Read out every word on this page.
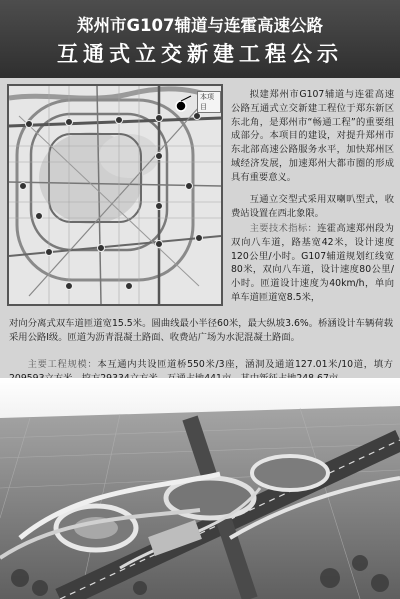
郑州市G107辅道与连霍高速公路
互通式立交新建工程公示
本项目
拟建郑州市G107辅道与连霍高速公路互通式立交新建工程位于郑东新区东北角，是郑州市“畅通工程”的重要组成部分。本项目的建设，对提升郑州市东北部高速公路服务水平，加快郑州区域经济发展，加速郑州大都市圈的形成具有重要意义。
互通立交型式采用双喇叭型式，收费站设置在西北象限。
主要技术指标：连霍高速郑州段为双向八车道，路基宽42米，设计速度120公里/小时。G107辅道规划红线宽80米，双向八车道，设计速度80公里/小时。匝道设计速度为40km/h，单向单车道匝道宽8.5米，
对向分离式双车道匝道宽15.5米。圆曲线最小半径60米，最大纵坡3.6%。桥涵设计车辆荷载采用公路Ⅰ级。匝道为沥青混凝土路面、收费站广场为水泥混凝土路面。
主要工程规模：本互通内共设匝道桥550米/3座，涵洞及通道127.01米/10道，填方
